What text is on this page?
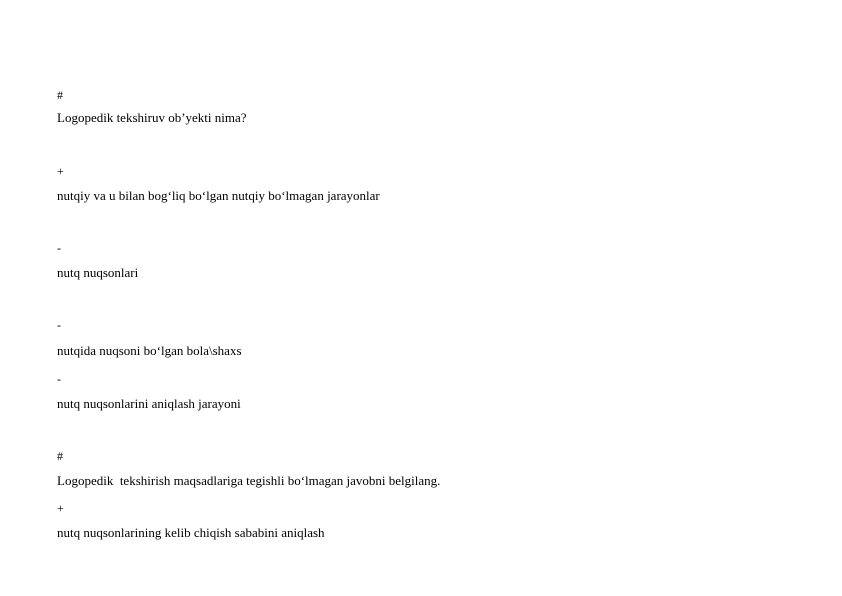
#
Logopedik tekshiruv ob’yekti nima?
+
nutqiy va u bilan bog‘liq bo‘lgan nutqiy bo‘lmagan jarayonlar
-
nutq nuqsonlari
-
nutqida nuqsoni bo‘lgan bola\shaxs
-
nutq nuqsonlarini aniqlash jarayoni
#
Logopedik  tekshirish maqsadlariga tegishli bo‘lmagan javobni belgilang.
+
nutq nuqsonlarining kelib chiqish sababini aniqlash
